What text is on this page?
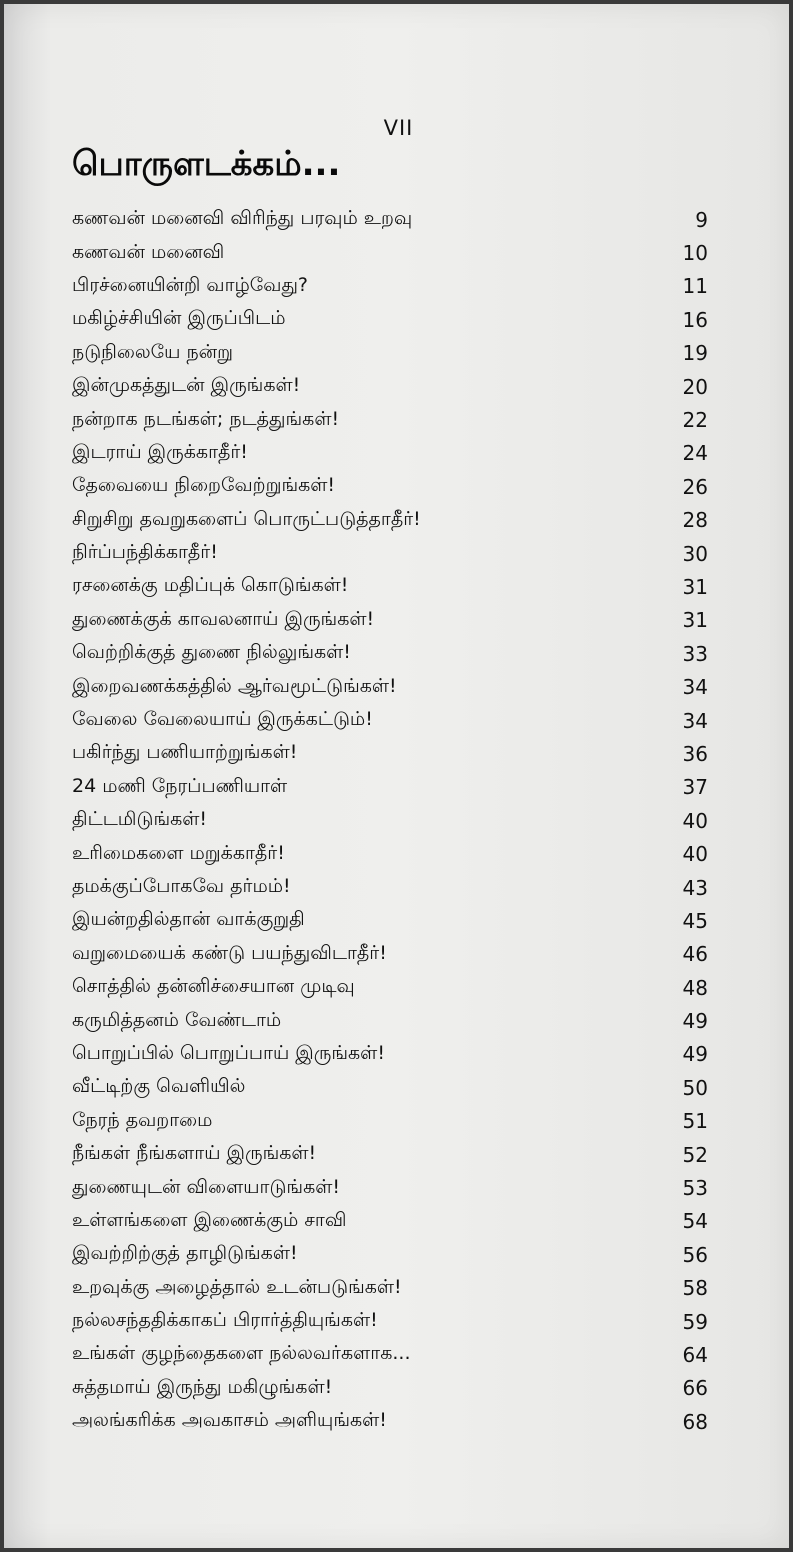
VII
பொருளடக்கம்...
கணவன் மனைவி விரிந்து பரவும் உறவு	9
கணவன் மனைவி	10
பிரச்னையின்றி வாழ்வேது?	11
மகிழ்ச்சியின் இருப்பிடம்	16
நடுநிலையே நன்று	19
இன்முகத்துடன் இருங்கள்!	20
நன்றாக நடங்கள்; நடத்துங்கள்!	22
இடராய் இருக்காதீர்!	24
தேவையை நிறைவேற்றுங்கள்!	26
சிறுசிறு தவறுகளைப் பொருட்படுத்தாதீர்!	28
நிர்ப்பந்திக்காதீர்!	30
ரசனைக்கு மதிப்புக் கொடுங்கள்!	31
துணைக்குக் காவலனாய் இருங்கள்!	31
வெற்றிக்குத் துணை நில்லுங்கள்!	33
இறைவணக்கத்தில் ஆர்வமூட்டுங்கள்!	34
வேலை வேலையாய் இருக்கட்டும்!	34
பகிர்ந்து பணியாற்றுங்கள்!	36
24 மணி நேரப்பணியாள்	37
திட்டமிடுங்கள்!	40
உரிமைகளை மறுக்காதீர்!	40
தமக்குப்போகவே தர்மம்!	43
இயன்றதில்தான் வாக்குறுதி	45
வறுமையைக் கண்டு பயந்துவிடாதீர்!	46
சொத்தில் தன்னிச்சையான முடிவு	48
கருமித்தனம் வேண்டாம்	49
பொறுப்பில் பொறுப்பாய் இருங்கள்!	49
வீட்டிற்கு வெளியில்	50
நேரந் தவறாமை	51
நீங்கள் நீங்களாய் இருங்கள்!	52
துணையுடன் விளையாடுங்கள்!	53
உள்ளங்களை இணைக்கும் சாவி	54
இவற்றிற்குத் தாழிடுங்கள்!	56
உறவுக்கு அழைத்தால் உடன்படுங்கள்!	58
நல்லசந்ததிக்காகப் பிரார்த்தியுங்கள்!	59
உங்கள் குழந்தைகளை நல்லவர்களாக...	64
சுத்தமாய் இருந்து மகிழுங்கள்!	66
அலங்கரிக்க அவகாசம் அளியுங்கள்!	68
